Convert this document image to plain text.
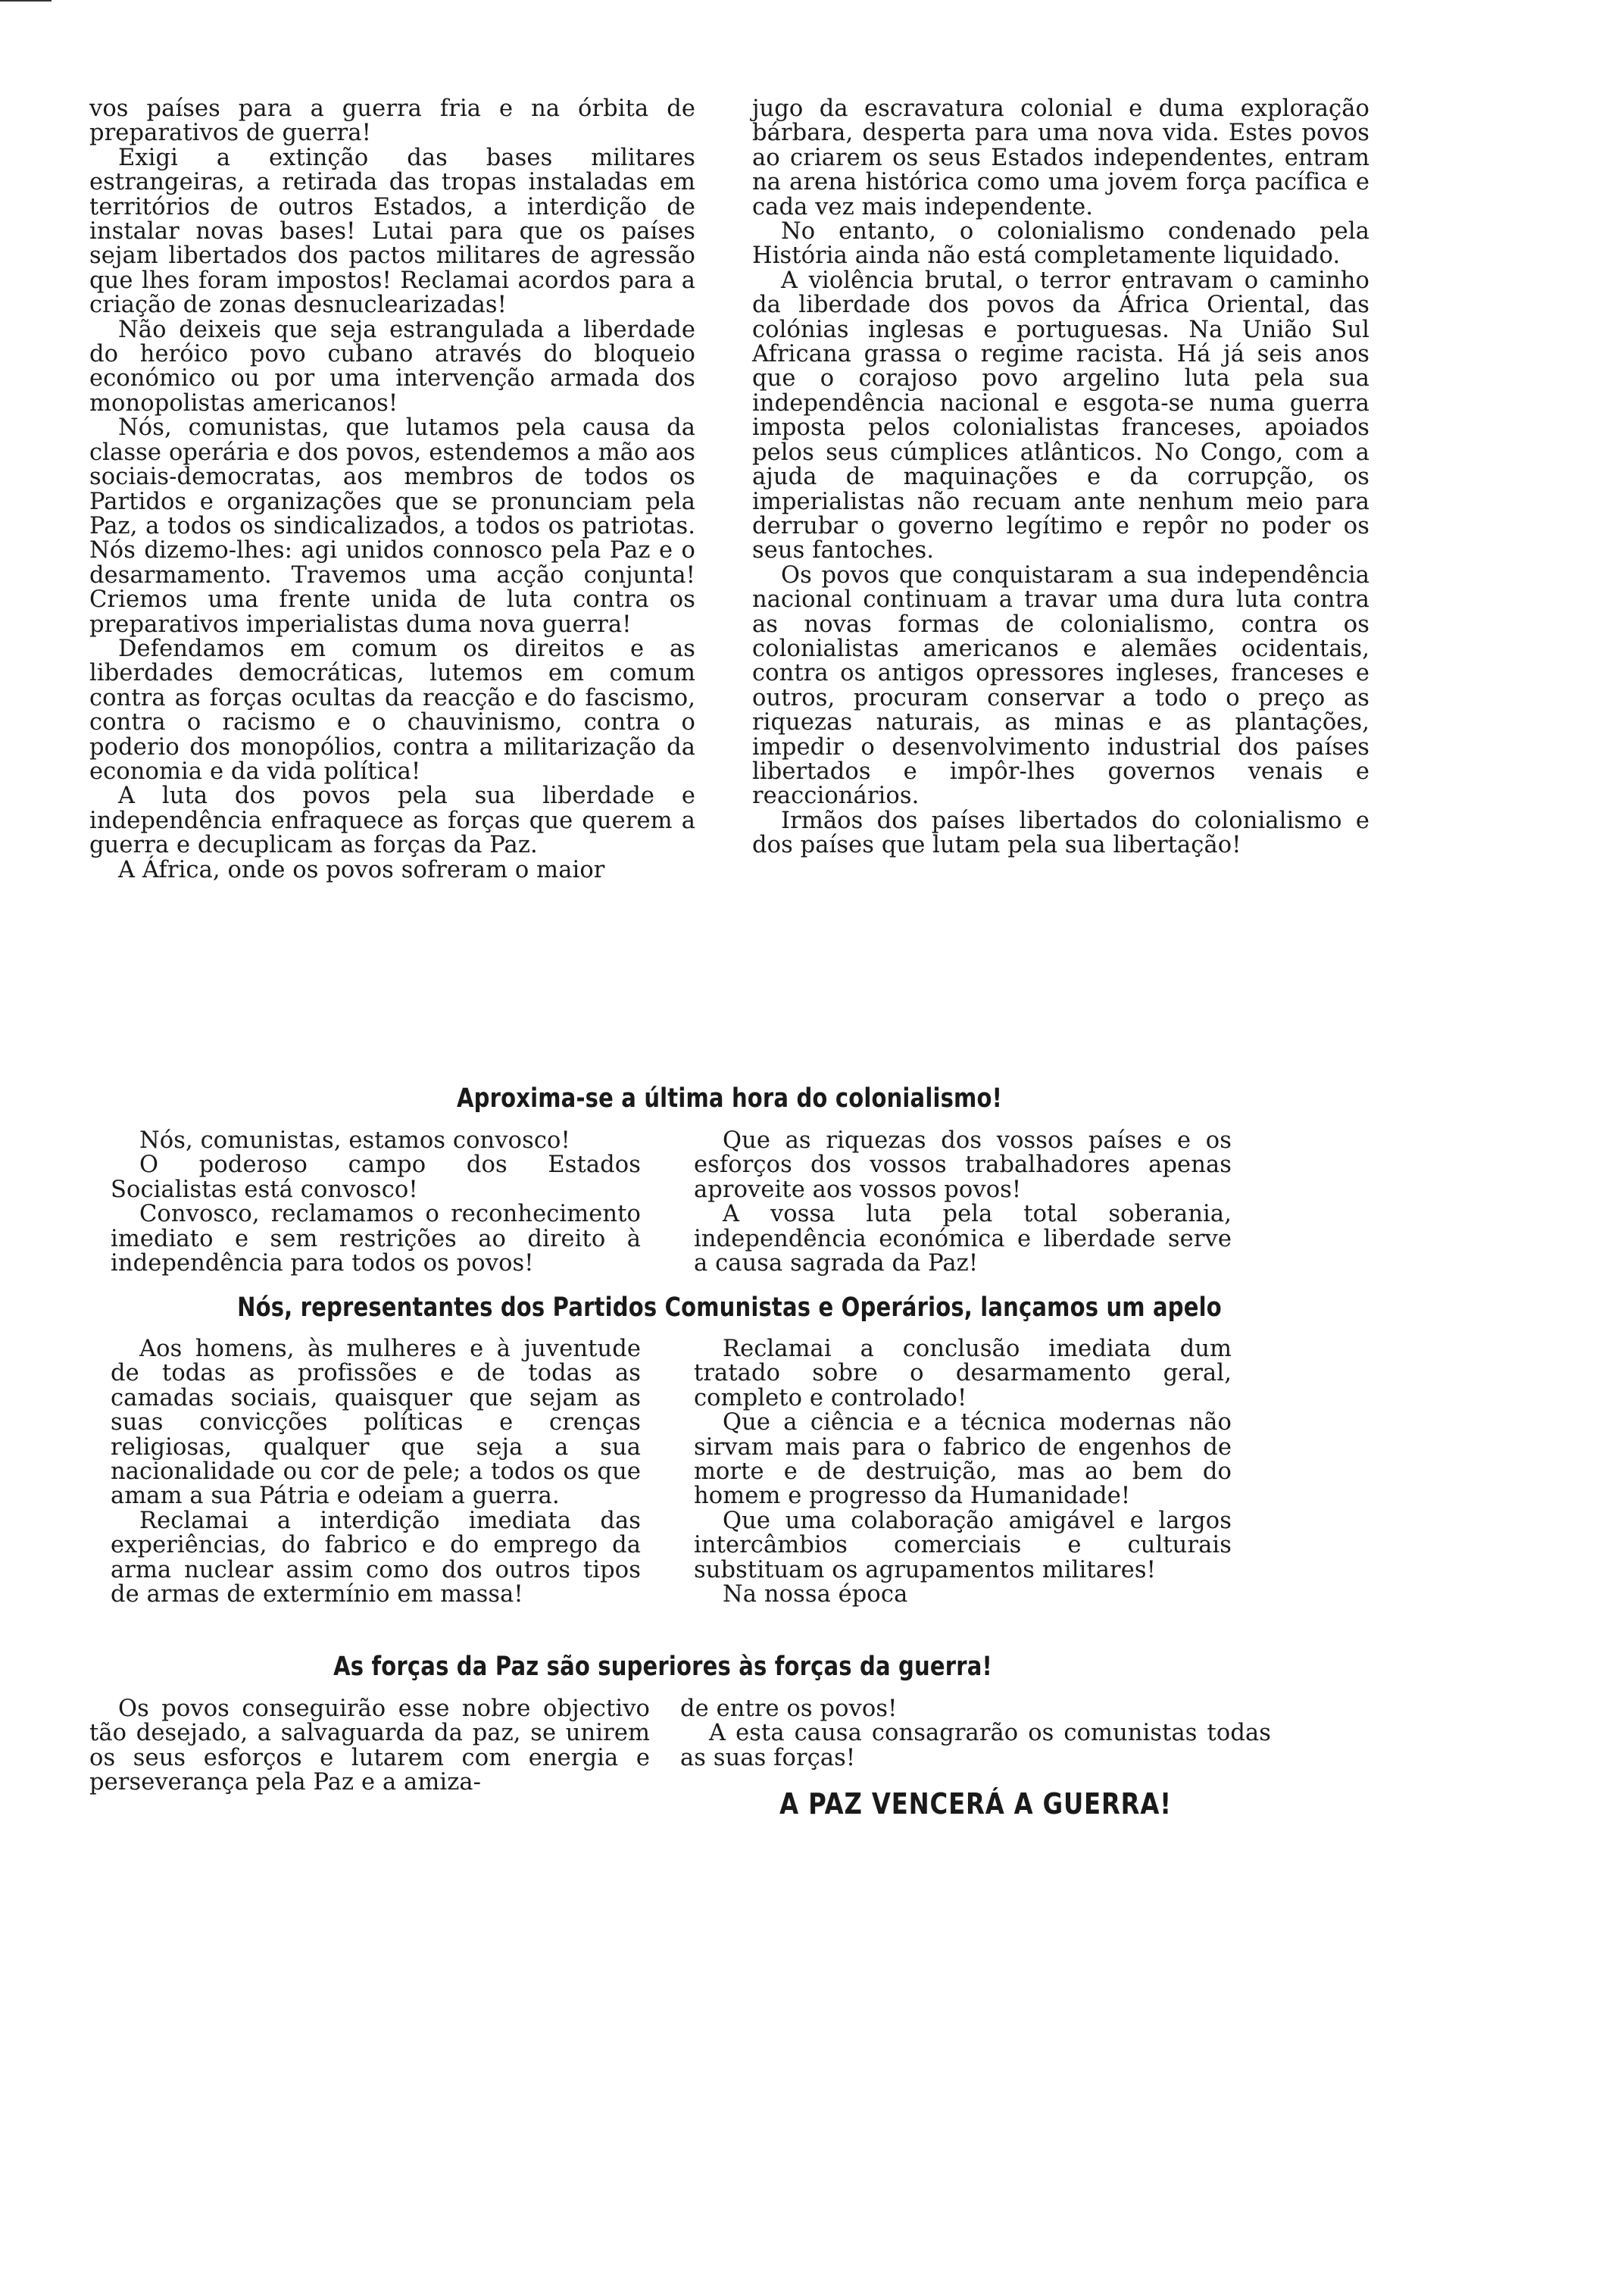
vos países para a guerra fria e na órbita de preparativos de guerra!

Exigi a extinção das bases militares estrangeiras, a retirada das tropas instaladas em territórios de outros Estados, a interdição de instalar novas bases! Lutai para que os países sejam libertados dos pactos militares de agressão que lhes foram impostos! Reclamai acordos para a criação de zonas desnuclearizadas!

Não deixeis que seja estrangulada a liberdade do heróico povo cubano através do bloqueio económico ou por uma intervenção armada dos monopolistas americanos!

Nós, comunistas, que lutamos pela causa da classe operária e dos povos, estendemos a mão aos sociais-democratas, aos membros de todos os Partidos e organizações que se pronunciam pela Paz, a todos os sindicalizados, a todos os patriotas. Nós dizemo-lhes: agi unidos connosco pela Paz e o desarmamento. Travemos uma acção conjunta! Criemos uma frente unida de luta contra os preparativos imperialistas duma nova guerra!

Defendamos em comum os direitos e as liberdades democráticas, lutemos em comum contra as forças ocultas da reacção e do fascismo, contra o racismo e o chauvinismo, contra o poderio dos monopólios, contra a militarização da economia e da vida política!

A luta dos povos pela sua liberdade e independência enfraquece as forças que querem a guerra e decuplicam as forças da Paz.

A África, onde os povos sofreram o maior

jugo da escravatura colonial e duma exploração bárbara, desperta para uma nova vida. Estes povos ao criarem os seus Estados independentes, entram na arena histórica como uma jovem força pacífica e cada vez mais independente.

No entanto, o colonialismo condenado pela História ainda não está completamente liquidado.

A violência brutal, o terror entravam o caminho da liberdade dos povos da África Oriental, das colónias inglesas e portuguesas. Na União Sul Africana grassa o regime racista. Há já seis anos que o corajoso povo argelino luta pela sua independência nacional e esgota-se numa guerra imposta pelos colonialistas franceses, apoiados pelos seus cúmplices atlânticos. No Congo, com a ajuda de maquinações e da corrupção, os imperialistas não recuam ante nenhum meio para derrubar o governo legítimo e repôr no poder os seus fantoches.

Os povos que conquistaram a sua independência nacional continuam a travar uma dura luta contra as novas formas de colonialismo, contra os colonialistas americanos e alemães ocidentais, contra os antigos opressores ingleses, franceses e outros, procuram conservar a todo o preço as riquezas naturais, as minas e as plantações, impedir o desenvolvimento industrial dos países libertados e impôr-lhes governos venais e reaccionários.

Irmãos dos países libertados do colonialismo e dos países que lutam pela sua libertação!

Aproxima-se a última hora do colonialismo!

Nós, comunistas, estamos convosco!

O poderoso campo dos Estados Socialistas está convosco!

Convosco, reclamamos o reconhecimento imediato e sem restrições ao direito à independência para todos os povos!

Que as riquezas dos vossos países e os esforços dos vossos trabalhadores apenas aproveite aos vossos povos!

A vossa luta pela total soberania, independência económica e liberdade serve a causa sagrada da Paz!

Nós, representantes dos Partidos Comunistas e Operários, lançamos um apelo

Aos homens, às mulheres e à juventude de todas as profissões e de todas as camadas sociais, quaisquer que sejam as suas convicções políticas e crenças religiosas, qualquer que seja a sua nacionalidade ou cor de pele; a todos os que amam a sua Pátria e odeiam a guerra.

Reclamai a interdição imediata das experiências, do fabrico e do emprego da arma nuclear assim como dos outros tipos de armas de extermínio em massa!

Reclamai a conclusão imediata dum tratado sobre o desarmamento geral, completo e controlado!

Que a ciência e a técnica modernas não sirvam mais para o fabrico de engenhos de morte e de destruição, mas ao bem do homem e progresso da Humanidade!

Que uma colaboração amigável e largos intercâmbios comerciais e culturais substituam os agrupamentos militares!

Na nossa época

As forças da Paz são superiores às forças da guerra!

Os povos conseguirão esse nobre objectivo tão desejado, a salvaguarda da paz, se unirem os seus esforços e lutarem com energia e perseverança pela Paz e a amiza-

de entre os povos!

A esta causa consagrarão os comunistas todas as suas forças!

A PAZ VENCERÁ A GUERRA!
